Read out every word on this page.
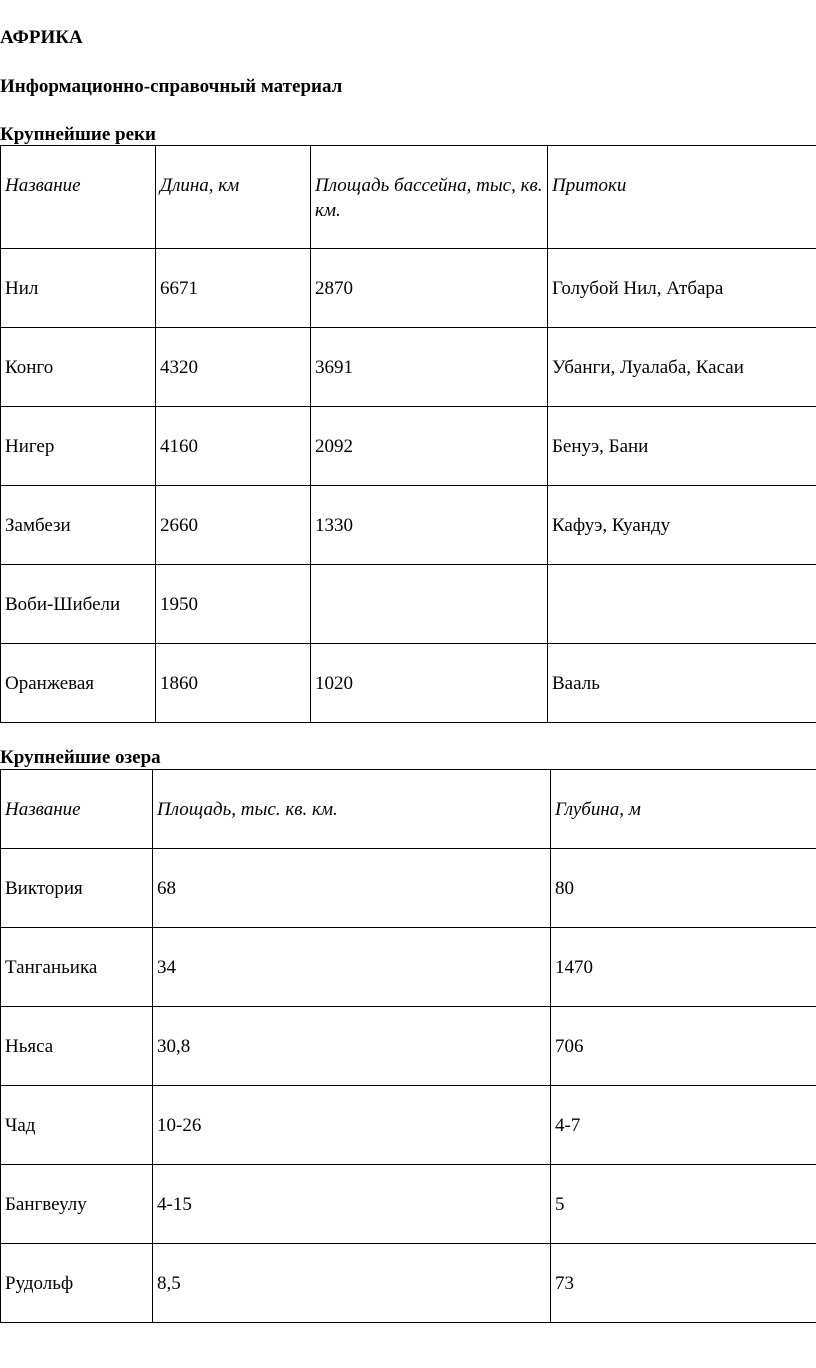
АФРИКА
Информационно-справочный материал
Крупнейшие реки
Название	Длина, км	Площадь бассейна, тыс, кв. км.	Притоки
Нил	6671	2870	Голубой Нил, Атбара
Конго	4320	3691	Убанги, Луалаба, Касаи
Нигер	4160	2092	Бенуэ, Бани
Замбези	2660	1330	Кафуэ, Куанду
Воби-Шибели	1950		
Оранжевая	1860	1020	Вааль
Крупнейшие озера
Название	Площадь, тыс. кв. км.	Глубина, м
Виктория	68	80
Танганьика	34	1470
Ньяса	30,8	706
Чад	10-26	4-7
Бангвеулу	4-15	5
Рудольф	8,5	73
